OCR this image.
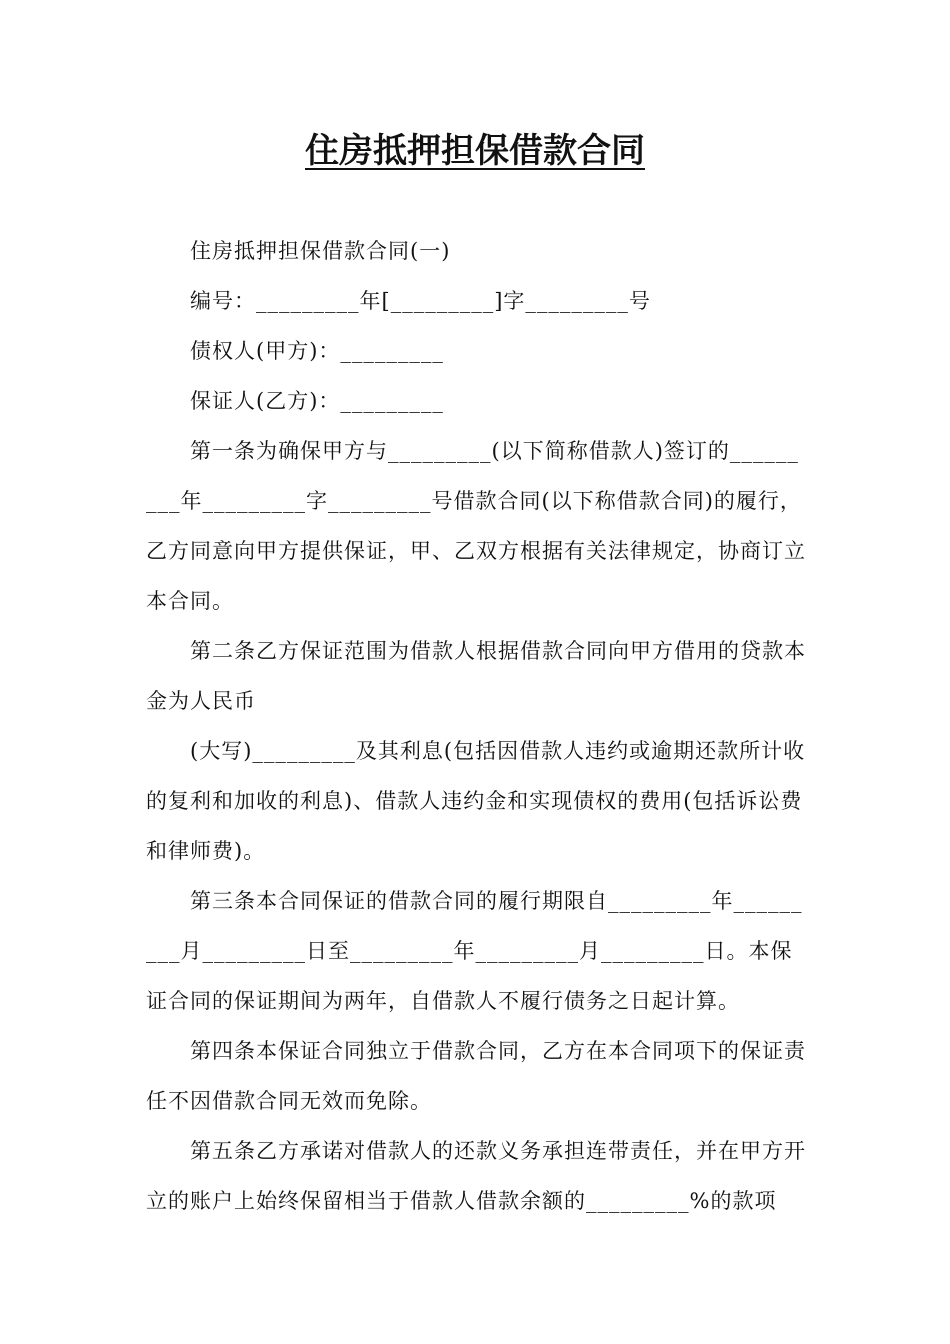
住房抵押担保借款合同

住房抵押担保借款合同(一)

编号：_________年[_________]字_________号

债权人(甲方)：_________

保证人(乙方)：_________

第一条为确保甲方与_________(以下简称借款人)签订的_________年_________字_________号借款合同(以下称借款合同)的履行，乙方同意向甲方提供保证，甲、乙双方根据有关法律规定，协商订立本合同。

第二条乙方保证范围为借款人根据借款合同向甲方借用的贷款本金为人民币

(大写)_________及其利息(包括因借款人违约或逾期还款所计收的复利和加收的利息)、借款人违约金和实现债权的费用(包括诉讼费和律师费)。

第三条本合同保证的借款合同的履行期限自_________年_________月_________日至_________年_________月_________日。本保证合同的保证期间为两年，自借款人不履行债务之日起计算。

第四条本保证合同独立于借款合同，乙方在本合同项下的保证责任不因借款合同无效而免除。

第五条乙方承诺对借款人的还款义务承担连带责任，并在甲方开立的账户上始终保留相当于借款人借款余额的_________%的款项
